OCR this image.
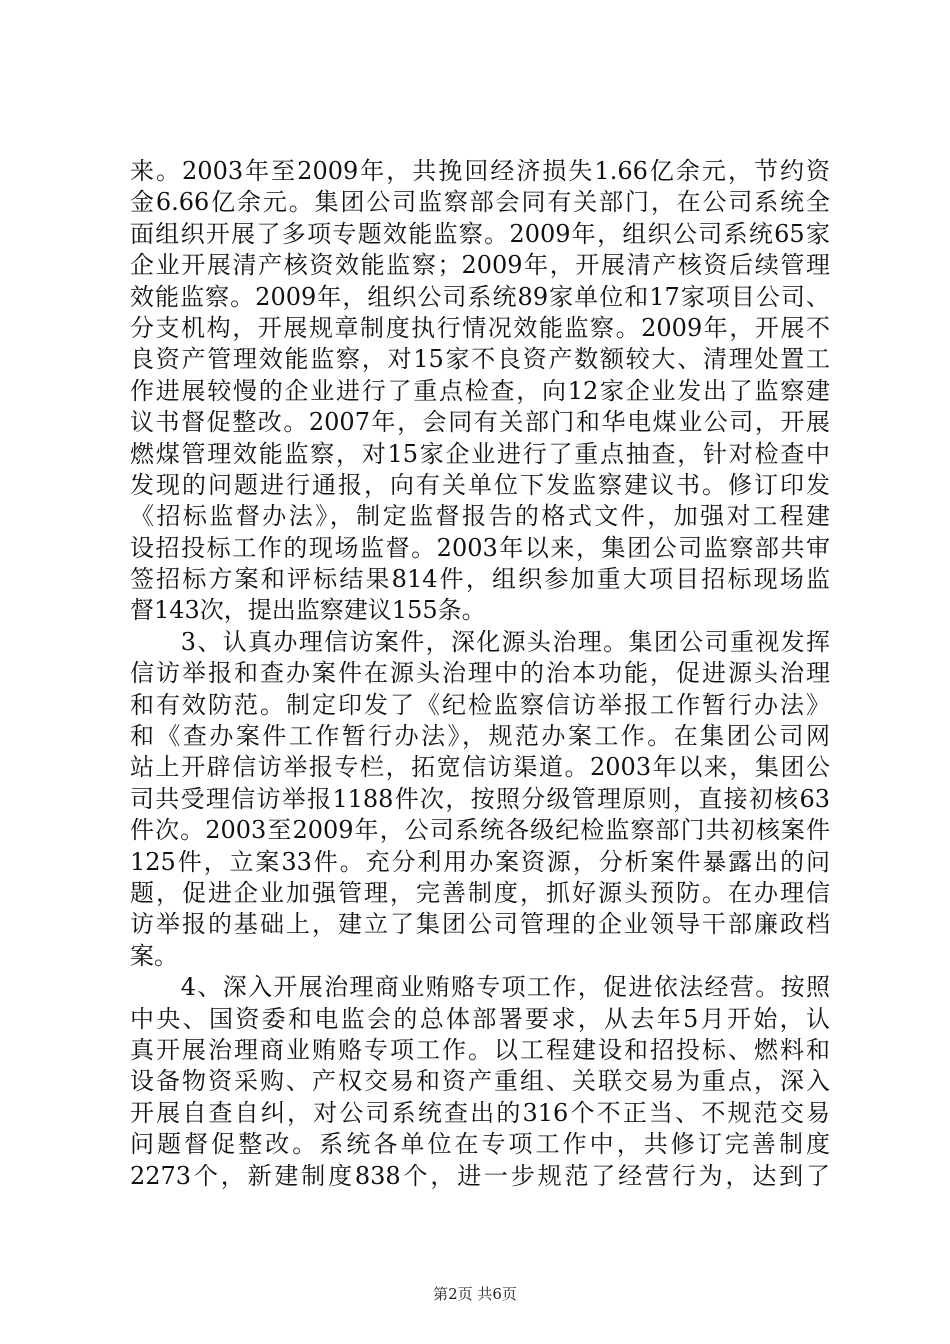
来。2003年至2009年，共挽回经济损失1.66亿余元，节约资
金6.66亿余元。集团公司监察部会同有关部门，在公司系统全
面组织开展了多项专题效能监察。2009年，组织公司系统65家
企业开展清产核资效能监察；2009年，开展清产核资后续管理
效能监察。2009年，组织公司系统89家单位和17家项目公司、
分支机构，开展规章制度执行情况效能监察。2009年，开展不
良资产管理效能监察，对15家不良资产数额较大、清理处置工
作进展较慢的企业进行了重点检查，向12家企业发出了监察建
议书督促整改。2007年，会同有关部门和华电煤业公司，开展
燃煤管理效能监察，对15家企业进行了重点抽查，针对检查中
发现的问题进行通报，向有关单位下发监察建议书。修订印发
《招标监督办法》，制定监督报告的格式文件，加强对工程建
设招投标工作的现场监督。2003年以来，集团公司监察部共审
签招标方案和评标结果814件，组织参加重大项目招标现场监
督143次，提出监察建议155条。
　　3、认真办理信访案件，深化源头治理。集团公司重视发挥
信访举报和查办案件在源头治理中的治本功能，促进源头治理
和有效防范。制定印发了《纪检监察信访举报工作暂行办法》
和《查办案件工作暂行办法》，规范办案工作。在集团公司网
站上开辟信访举报专栏，拓宽信访渠道。2003年以来，集团公
司共受理信访举报1188件次，按照分级管理原则，直接初核63
件次。2003至2009年，公司系统各级纪检监察部门共初核案件
125件，立案33件。充分利用办案资源，分析案件暴露出的问
题，促进企业加强管理，完善制度，抓好源头预防。在办理信
访举报的基础上，建立了集团公司管理的企业领导干部廉政档
案。
　　4、深入开展治理商业贿赂专项工作，促进依法经营。按照
中央、国资委和电监会的总体部署要求，从去年5月开始，认
真开展治理商业贿赂专项工作。以工程建设和招投标、燃料和
设备物资采购、产权交易和资产重组、关联交易为重点，深入
开展自查自纠，对公司系统查出的316个不正当、不规范交易
问题督促整改。系统各单位在专项工作中，共修订完善制度
2273个，新建制度838个，进一步规范了经营行为，达到了
第2页 共6页
